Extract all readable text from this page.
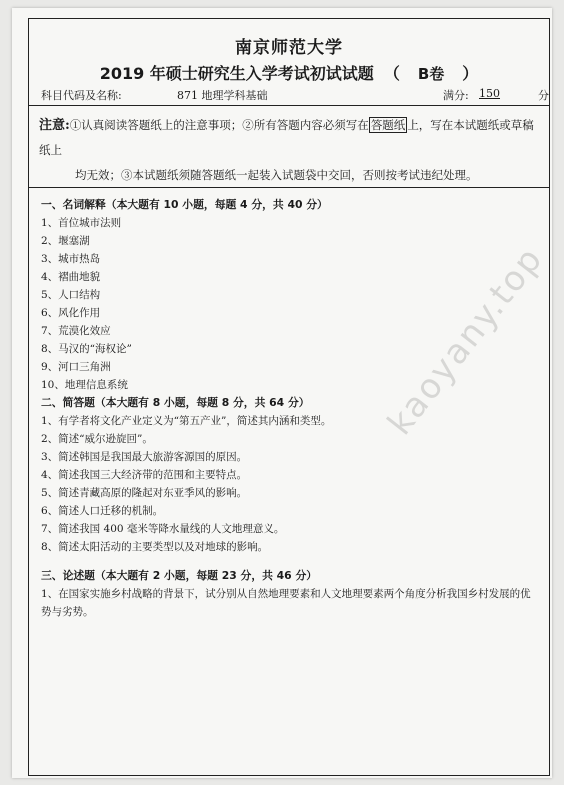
南京师范大学
2019 年硕士研究生入学考试初试试题 （ B卷 ）
科目代码及名称:	871 地理学科基础	满分: 150	分
注意:①认真阅读答题纸上的注意事项；②所有答题内容必须写在 答题纸 上，写在本试题纸或草稿纸上
均无效；③本试题纸须随答题纸一起装入试题袋中交回，否则按考试违纪处理。
一、名词解释（本大题有 10 小题，每题 4 分，共 40 分）
1、首位城市法则
2、堰塞湖
3、城市热岛
4、褶曲地貌
5、人口结构
6、风化作用
7、荒漠化效应
8、马汉的“海权论”
9、河口三角洲
10、地理信息系统
二、简答题（本大题有 8 小题，每题 8 分，共 64 分）
1、有学者将文化产业定义为“第五产业”，简述其内涵和类型。
2、简述“威尔逊旋回”。
3、简述韩国是我国最大旅游客源国的原因。
4、简述我国三大经济带的范围和主要特点。
5、简述青藏高原的隆起对东亚季风的影响。
6、简述人口迁移的机制。
7、简述我国 400 毫米等降水量线的人文地理意义。
8、简述太阳活动的主要类型以及对地球的影响。
三、论述题（本大题有 2 小题，每题 23 分，共 46 分）
1、在国家实施乡村战略的背景下，试分别从自然地理要素和人文地理要素两个角度分析我国乡村发展的优势与劣势。
kaoyany.top
